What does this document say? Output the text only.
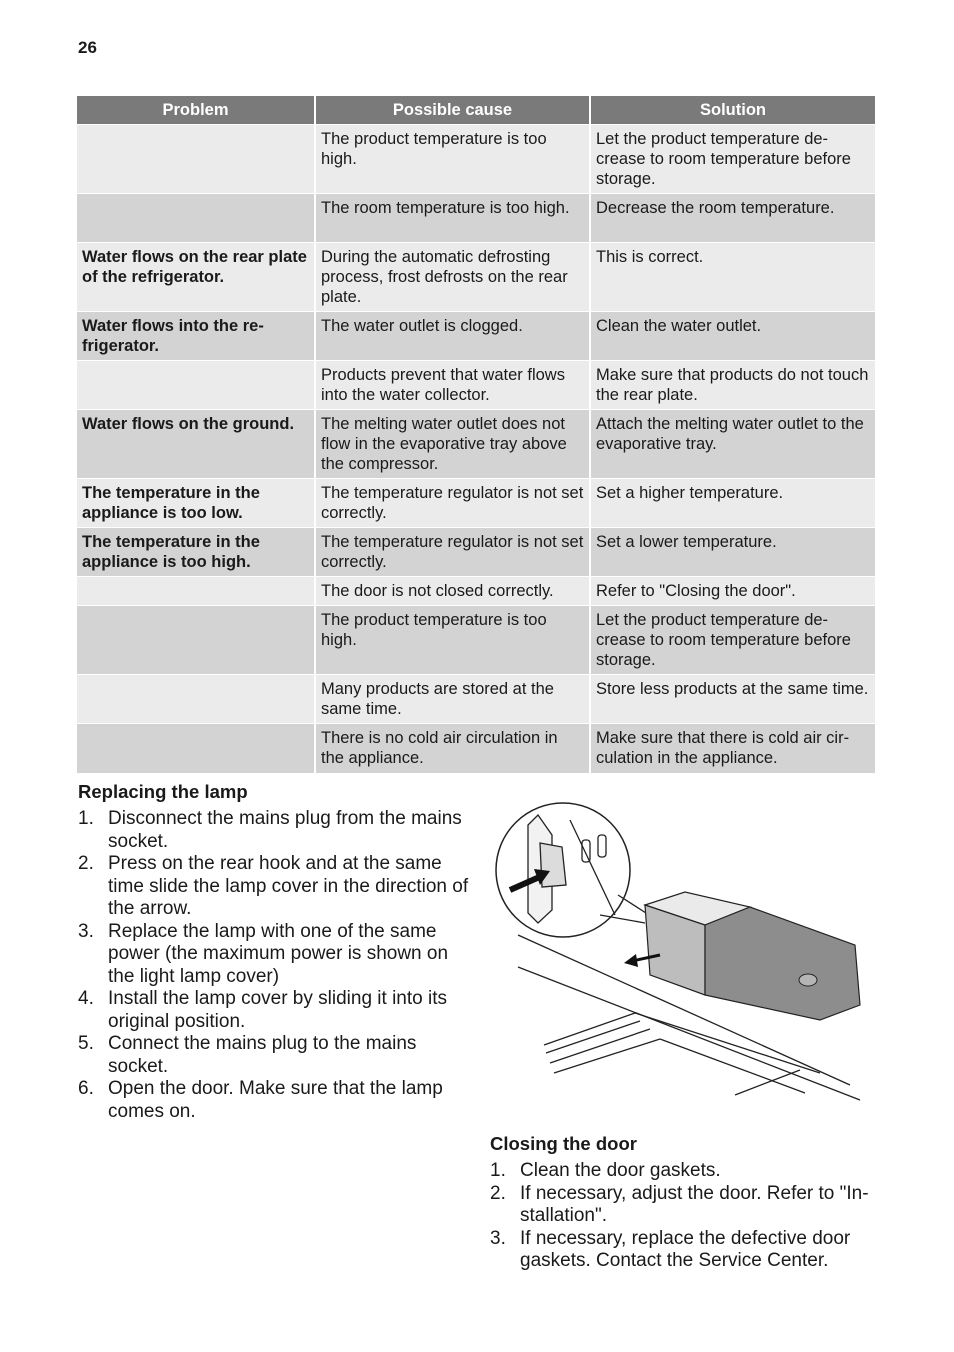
26
Problem	Possible cause	Solution
	The product temperature is too high.	Let the product temperature de-crease to room temperature before storage.
	The room temperature is too high.	Decrease the room temperature.
Water flows on the rear plate of the refrigerator.	During the automatic defrosting process, frost defrosts on the rear plate.	This is correct.
Water flows into the re-frigerator.	The water outlet is clogged.	Clean the water outlet.
	Products prevent that water flows into the water collector.	Make sure that products do not touch the rear plate.
Water flows on the ground.	The melting water outlet does not flow in the evaporative tray above the compressor.	Attach the melting water outlet to the evaporative tray.
The temperature in the appliance is too low.	The temperature regulator is not set correctly.	Set a higher temperature.
The temperature in the appliance is too high.	The temperature regulator is not set correctly.	Set a lower temperature.
	The door is not closed correctly.	Refer to "Closing the door".
	The product temperature is too high.	Let the product temperature de-crease to room temperature before storage.
	Many products are stored at the same time.	Store less products at the same time.
	There is no cold air circulation in the appliance.	Make sure that there is cold air cir-culation in the appliance.
Replacing the lamp
1. Disconnect the mains plug from the mains socket.
2. Press on the rear hook and at the same time slide the lamp cover in the direction of the arrow.
3. Replace the lamp with one of the same power (the maximum power is shown on the light lamp cover)
4. Install the lamp cover by sliding it into its original position.
5. Connect the mains plug to the mains socket.
6. Open the door. Make sure that the lamp comes on.
Closing the door
1. Clean the door gaskets.
2. If necessary, adjust the door. Refer to "In-stallation".
3. If necessary, replace the defective door gaskets. Contact the Service Center.
